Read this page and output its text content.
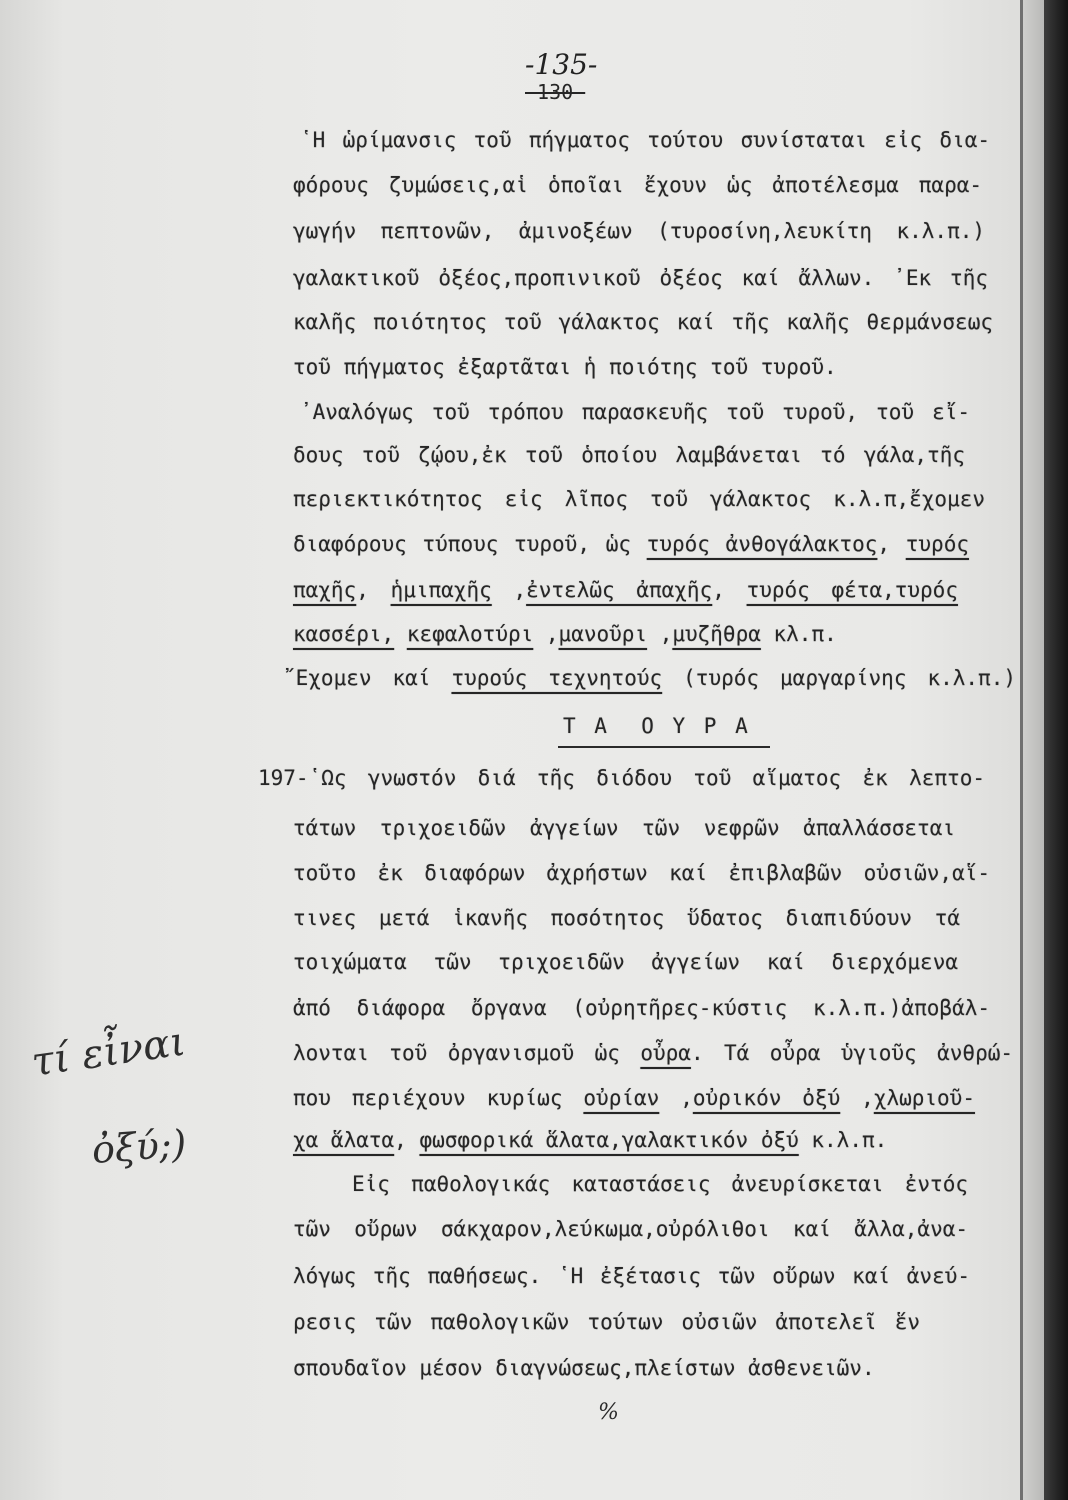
-135-
-130-
῾Η ὡρίμανσις τοῦ πήγματος τούτου συνίσταται εἰς δια-
φόρους ζυμώσεις,αἱ ὁποῖαι ἔχουν ὡς ἀποτέλεσμα παρα-
γωγήν πεπτονῶν, ἀμινοξέων (τυροσίνη,λευκίτη κ.λ.π.)
γαλακτικοῦ ὀξέος,προπινικοῦ ὀξέος καί ἄλλων. ᾿Εκ τῆς
καλῆς ποιότητος τοῦ γάλακτος καί τῆς καλῆς θερμάνσεως
τοῦ πήγματος ἐξαρτᾶται ἡ ποιότης τοῦ τυροῦ.
᾿Αναλόγως τοῦ τρόπου παρασκευῆς τοῦ τυροῦ, τοῦ εἴ-
δους τοῦ ζῴου,ἐκ τοῦ ὁποίου λαμβάνεται τό γάλα,τῆς
περιεκτικότητος εἰς λῖπος τοῦ γάλακτος κ.λ.π,ἔχομεν
διαφόρους τύπους τυροῦ, ὡς τυρός ἀνθογάλακτος, τυρός
παχῆς, ἡμιπαχῆς ,ἐντελῶς ἀπαχῆς, τυρός φέτα,τυρός
κασσέρι, κεφαλοτύρι ,μανοῦρι ,μυζῆθρα κλ.π.
῎Εχομεν καί τυρούς τεχνητούς (τυρός μαργαρίνης κ.λ.π.)
Τ Α  Ο Υ Ρ Α
197-῾Ως γνωστόν διά τῆς διόδου τοῦ αἵματος ἐκ λεπτο-
τάτων τριχοειδῶν ἀγγείων τῶν νεφρῶν ἀπαλλάσσεται
τοῦτο ἐκ διαφόρων ἀχρήστων καί ἐπιβλαβῶν οὐσιῶν,αἵ-
τινες μετά ἱκανῆς ποσότητος ὕδατος διαπιδύουν τά
τοιχώματα τῶν τριχοειδῶν ἀγγείων καί διερχόμενα
ἀπό διάφορα ὄργανα (οὐρητῆρες-κύστις κ.λ.π.)ἀποβάλ-
λονται τοῦ ὀργανισμοῦ ὡς οὖρα. Τά οὖρα ὑγιοῦς ἀνθρώ-
που περιέχουν κυρίως οὐρίαν ,οὐρικόν ὀξύ ,χλωριοῦ-
χα ἅλατα, φωσφορικά ἅλατα,γαλακτικόν ὀξύ κ.λ.π.
Εἰς παθολογικάς καταστάσεις ἀνευρίσκεται ἐντός
τῶν οὔρων σάκχαρον,λεύκωμα,οὐρόλιθοι καί ἄλλα,ἀνα-
λόγως τῆς παθήσεως. ῾Η ἐξέτασις τῶν οὔρων καί ἀνεύ-
ρεσις τῶν παθολογικῶν τούτων οὐσιῶν ἀποτελεῖ ἕν
σπουδαῖον μέσον διαγνώσεως,πλείστων ἀσθενειῶν.
%
τί εἶναι
ὀξύ;)
